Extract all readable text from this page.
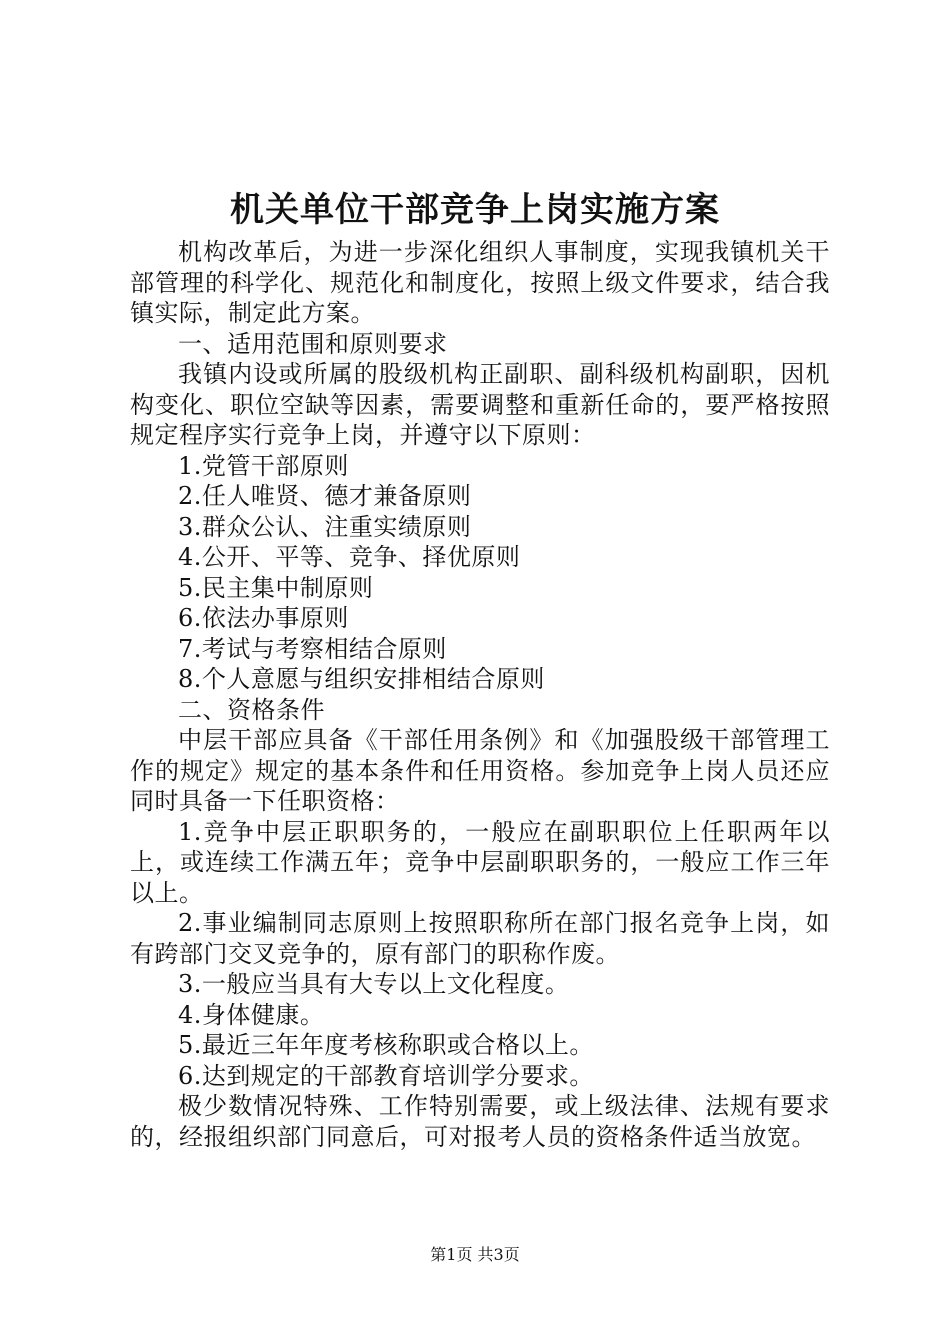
机关单位干部竞争上岗实施方案

机构改革后，为进一步深化组织人事制度，实现我镇机关干部管理的科学化、规范化和制度化，按照上级文件要求，结合我镇实际，制定此方案。

一、适用范围和原则要求

我镇内设或所属的股级机构正副职、副科级机构副职，因机构变化、职位空缺等因素，需要调整和重新任命的，要严格按照规定程序实行竞争上岗，并遵守以下原则：

1.党管干部原则

2.任人唯贤、德才兼备原则

3.群众公认、注重实绩原则

4.公开、平等、竞争、择优原则

5.民主集中制原则

6.依法办事原则

7.考试与考察相结合原则

8.个人意愿与组织安排相结合原则

二、资格条件

中层干部应具备《干部任用条例》和《加强股级干部管理工作的规定》规定的基本条件和任用资格。参加竞争上岗人员还应同时具备一下任职资格：

1.竞争中层正职职务的，一般应在副职职位上任职两年以上，或连续工作满五年；竞争中层副职职务的，一般应工作三年以上。

2.事业编制同志原则上按照职称所在部门报名竞争上岗，如有跨部门交叉竞争的，原有部门的职称作废。

3.一般应当具有大专以上文化程度。

4.身体健康。

5.最近三年年度考核称职或合格以上。

6.达到规定的干部教育培训学分要求。

极少数情况特殊、工作特别需要，或上级法律、法规有要求的，经报组织部门同意后，可对报考人员的资格条件适当放宽。

第1页 共3页
